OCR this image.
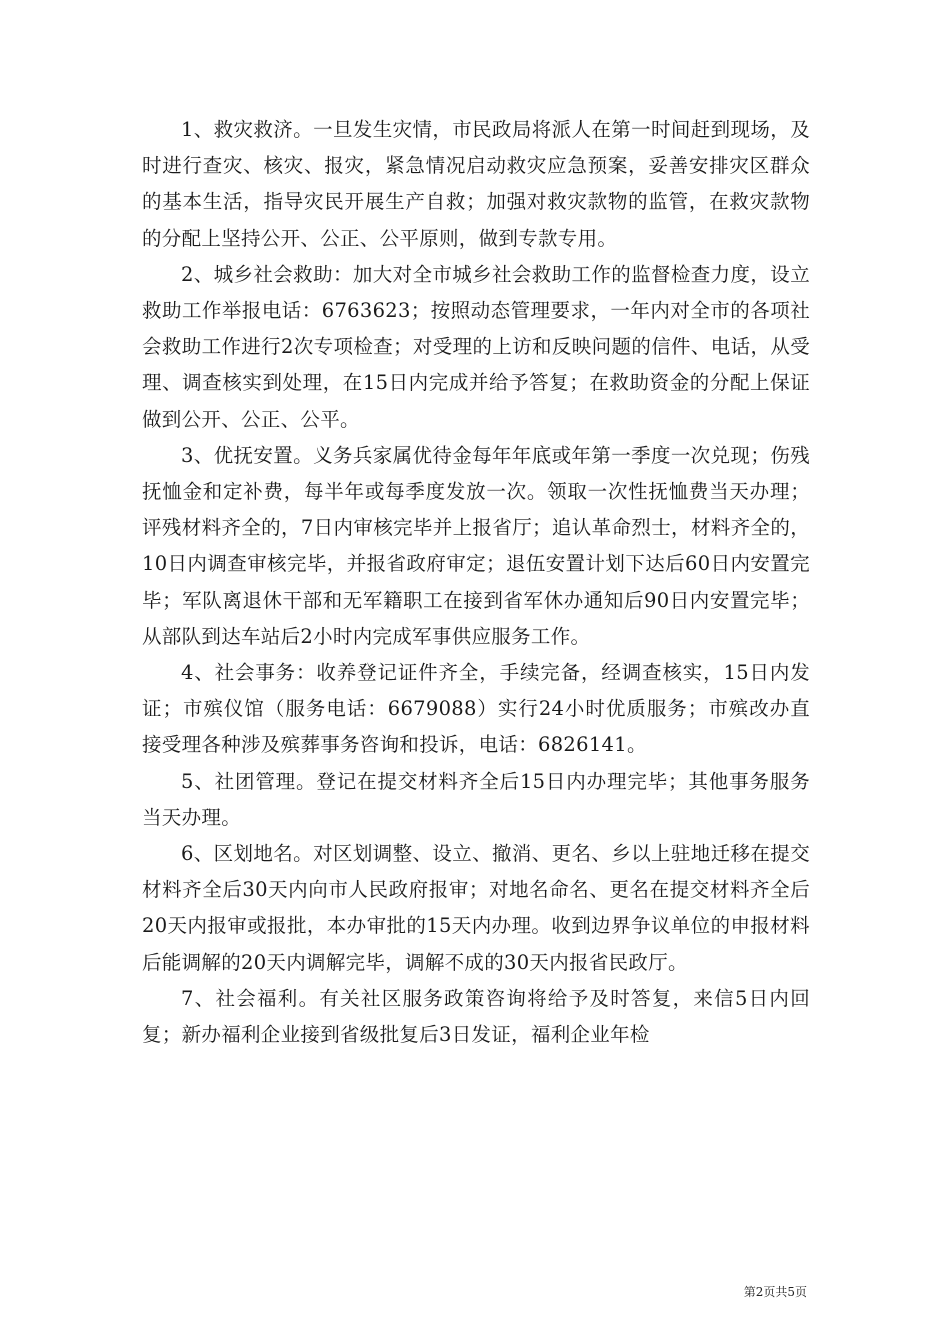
1、救灾救济。一旦发生灾情，市民政局将派人在第一时间赶到现场，及时进行查灾、核灾、报灾，紧急情况启动救灾应急预案，妥善安排灾区群众的基本生活，指导灾民开展生产自救；加强对救灾款物的监管，在救灾款物的分配上坚持公开、公正、公平原则，做到专款专用。

2、城乡社会救助：加大对全市城乡社会救助工作的监督检查力度，设立救助工作举报电话：6763623；按照动态管理要求，一年内对全市的各项社会救助工作进行2次专项检查；对受理的上访和反映问题的信件、电话，从受理、调查核实到处理，在15日内完成并给予答复；在救助资金的分配上保证做到公开、公正、公平。

3、优抚安置。义务兵家属优待金每年年底或年第一季度一次兑现；伤残抚恤金和定补费，每半年或每季度发放一次。领取一次性抚恤费当天办理；评残材料齐全的，7日内审核完毕并上报省厅；追认革命烈士，材料齐全的，10日内调查审核完毕，并报省政府审定；退伍安置计划下达后60日内安置完毕；军队离退休干部和无军籍职工在接到省军休办通知后90日内安置完毕；从部队到达车站后2小时内完成军事供应服务工作。

4、社会事务：收养登记证件齐全，手续完备，经调查核实，15日内发证；市殡仪馆（服务电话：6679088）实行24小时优质服务；市殡改办直接受理各种涉及殡葬事务咨询和投诉，电话：6826141。

5、社团管理。登记在提交材料齐全后15日内办理完毕；其他事务服务当天办理。

6、区划地名。对区划调整、设立、撤消、更名、乡以上驻地迁移在提交材料齐全后30天内向市人民政府报审；对地名命名、更名在提交材料齐全后20天内报审或报批，本办审批的15天内办理。收到边界争议单位的申报材料后能调解的20天内调解完毕，调解不成的30天内报省民政厅。

7、社会福利。有关社区服务政策咨询将给予及时答复，来信5日内回复；新办福利企业接到省级批复后3日发证，福利企业年检

第2页共5页
